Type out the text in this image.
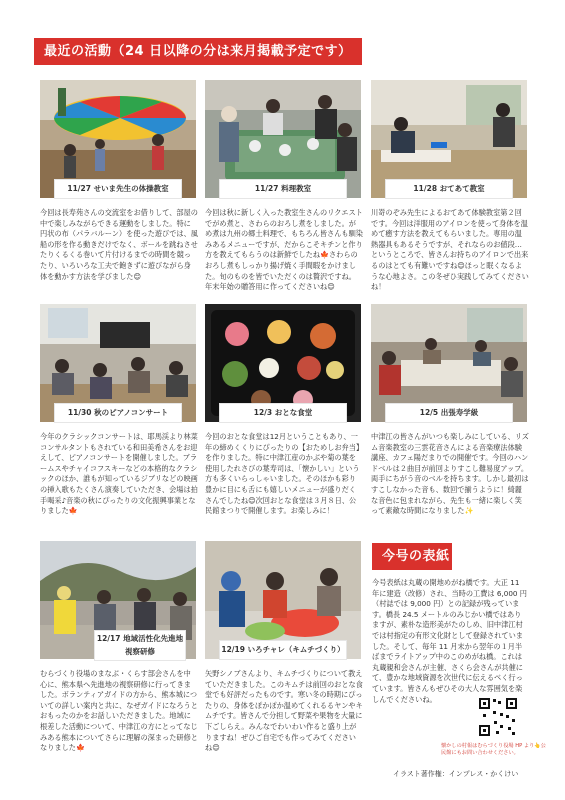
最近の活動（24 日以降の分は来月掲載予定です）
11/27 せいま先生の体操教室
今回は長寿苑さんの交流室をお借りして、部屋の中で楽しみながらできる運動をしました。特に円状の布（パラバルーン）を使った遊びでは、風船の形を作る動きだけでなく、ボールを跳ねさせたりくるくる巻いて片付けるまでの時間を競ったり、いろいろな工夫で飽きずに遊びながら身体を動かす方法を学びました😊
11/27 料理教室
今回は秋に新しく入った教室生さんのリクエストでがめ煮と、さわらのおろし煮をしました。がめ煮は九州の郷土料理で、もちろん皆さんも馴染みあるメニューですが、だからこそキチンと作り方を教えてもらうのは新鮮でしたね🍁さわらのおろし煮もしっかり揚げ焼く手間暇をかけました。旬のものを皆でいただくのは贅沢ですね。年末年始の贈答用に作ってくださいね😊
11/28 おてあて教室
川嵜のぞみ先生によるおてあて体験教室第２回です。今回は洋服用のアイロンを使って身体を温めて癒す方法を教えてもらいました。専用の温熱器具もあるそうですが、それならのお値段…というところで、皆さんお持ちのアイロンで出来るのはとても有難いですね😊ほっと眠くなるような心地よさ。この冬ぜひ実践してみてくださいね！
11/30 秋のピアノコンサート
今年のクラシックコンサートは、耶馬渓より林菜コンサルタントもされている和田美希さんをお迎えして、ピアノコンサートを開催しました。ブラームスやチャイコフスキーなどの本格的なクラシックのほか、誰もが知っているジブリなどの映画の挿入歌もたくさん演奏していただき、会場は拍手喝采♪音楽の秋にぴったりの文化振興事業となりました🍁
12/3 おとな食堂
今回のおとな食堂は12月ということもあり、一年の締めくくりにぴったりの【おためしお弁当】を作りました。特に中津江産のかぶや菊の葉を使用したれさびの葉寿司は、「懐かしい」という方も多くいらっしゃいました。そのほかも彩り豊かに目にも舌にも嬉しいメニューが盛りだくさんでしたね😊次回おとな食堂は３月８日、公民館まつりで開催します。お楽しみに！
12/5 出張寿学級
中津江の皆さんがいつも楽しみにしている、リズム音楽教室の三雲花音さんによる音楽療法体験講座、カフェ陽だまりでの開催です。今回のハンドベルは２曲目が前回よりすこし難易度アップ。両手にちがう音のベルを持ちます。しかし最初はすこしなかった音も、数回で揃うように！綺麗な音色に包まれながら、先生も一緒に楽しく笑って素敵な時間になりました✨
12/17 地域活性化先進地視察研修
むらづくり役場のまなぶ・くらす部会さんを中心に、熊本県へ先進地の視察研修に行ってきました。ボランティアガイドの方から、熊本城についての詳しい案内と共に、なぜガイドになろうとおもったのかをお話しいただきました。地域に根差した活動について、中津江の方にとってなじみある熊本についてさらに理解の深まった研修となりました🍁
12/19 いろチャレ（キムチづくり）
矢野シノブさんより、キムチづくりについて教えていただきました。このキムチは前回のおとな食堂でも好評だったものです。寒い冬の時期にぴったりの、身体をぽかぽか温めてくれるるヤンやキムチです。皆さんで分担して野菜や果物を大量に下ごしらえ。みんなでわいわい作ると盛り上がりますね！ぜひご自宅でも作ってみてくださいね😊
今号の表紙
今号表紙は丸蔵の開地めがね橋です。大正 11 年に建造（改修）され、当時の工費は 6,000 円（村誌では 9,000 円）との記録が残っています。橋長 24.5 メートルのみじかい橋ではありますが、素朴な造形美がたのしめ、旧中津江村では村指定の有形文化財として登録されていました。そして、毎年 11 月末から翌年の１月半ばまでライトアップ中のこのめがね橋。これは丸蔵親和会さんが主催、さくら会さんが共催にて、豊かな地域資源を次世代に伝えるべく行っています。皆さんもぜひその大人な雰囲気を楽しんでくださいね。
懐かしの村報はむらづくり役場 HP より👆公民館にもお問い合わせください。
イラスト著作権：インプレス・かくけい
